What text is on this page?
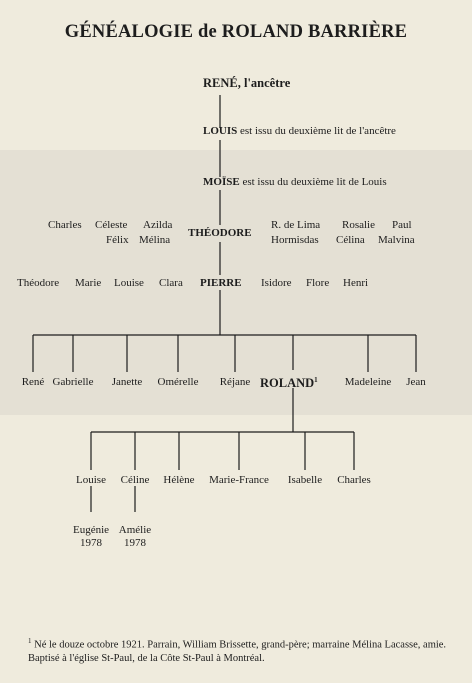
GÉNÉALOGIE de ROLAND BARRIÈRE
RENÉ, l'ancêtre
LOUIS est issu du deuxième lit de l'ancêtre
MOÏSE est issu du deuxième lit de Louis
Charles Céleste Azilda
Félix Mélina
THÉODORE
R. de Lima Rosalie Paul
Hormisdas Célina Malvina
Théodore Marie Louise Clara PIERRE Isidore Flore Henri
René Gabrielle	Janette	Omérelle	Réjane ROLAND$^1$	Madeleine	Jean
Louise	Céline	Hélène	Marie-France	Isabelle	Charles
Eugénie
1978
Amélie
1978
$^1$ Né le douze octobre 1921. Parrain, William Brissette, grand-père; marraine Mélina Lacasse, amie. Baptisé à l'église St-Paul, de la Côte St-Paul à Montréal.
